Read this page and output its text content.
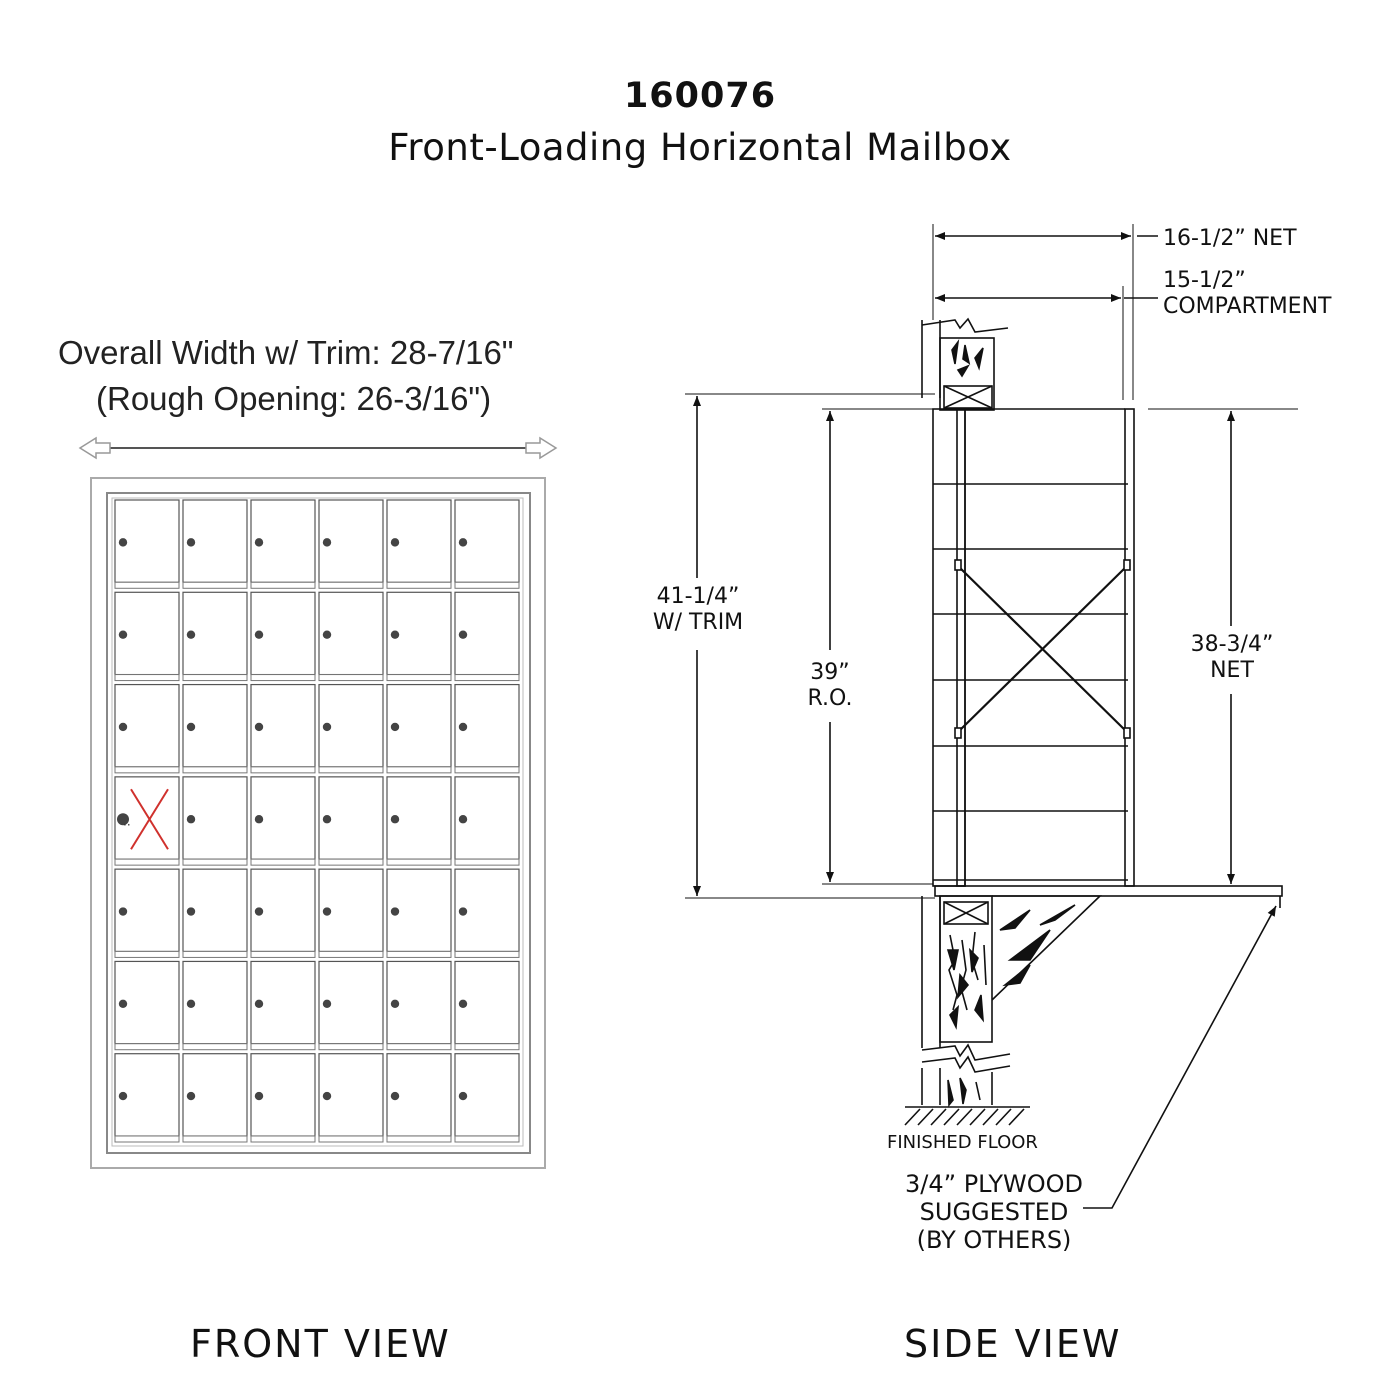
160076
Front-Loading Horizontal Mailbox
Overall Width w/ Trim: 28-7/16"
(Rough Opening: 26-3/16")
··
16-1/2” NET
15-1/2”
COMPARTMENT
41-1/4”
W/ TRIM
39”
R.O.
38-3/4”
NET
FINISHED FLOOR
3/4” PLYWOOD
SUGGESTED
(BY OTHERS)
FRONT VIEW	SIDE VIEW
